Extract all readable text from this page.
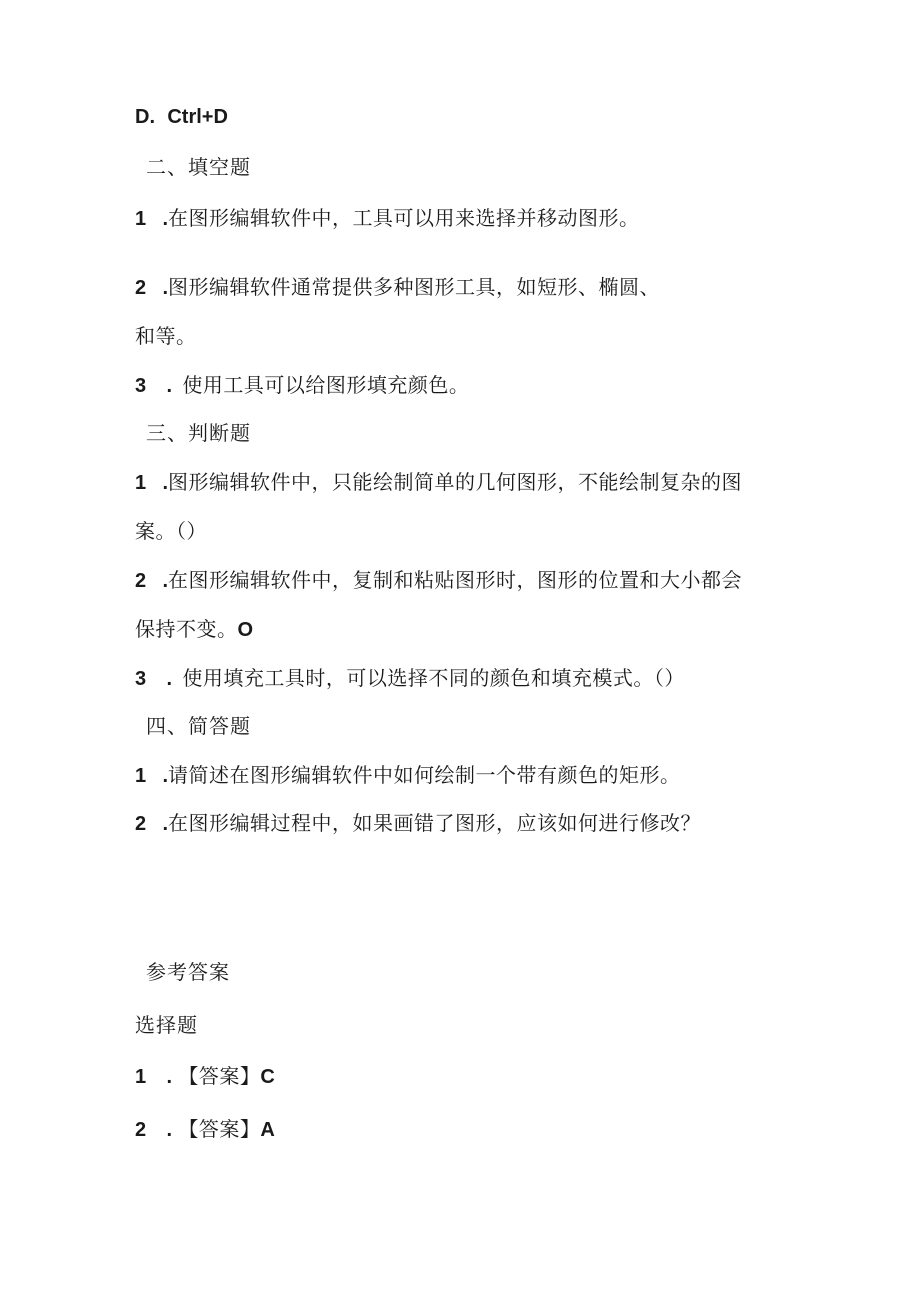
D. Ctrl+D
二、填空题
1 .在图形编辑软件中，工具可以用来选择并移动图形。
2 .图形编辑软件通常提供多种图形工具，如短形、椭圆、
和等。
3 . 使用工具可以给图形填充颜色。
三、判断题
1 .图形编辑软件中，只能绘制简单的几何图形，不能绘制复杂的图
案。（）
2 .在图形编辑软件中，复制和粘贴图形时，图形的位置和大小都会
保持不变。O
3 . 使用填充工具时，可以选择不同的颜色和填充模式。（）
四、简答题
1 .请简述在图形编辑软件中如何绘制一个带有颜色的矩形。
2 .在图形编辑过程中，如果画错了图形，应该如何进行修改？
参考答案
选择题
1 . 【答案】C
2 . 【答案】A
